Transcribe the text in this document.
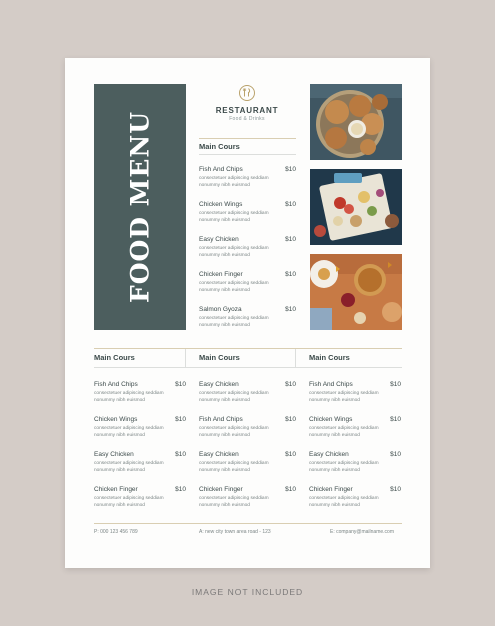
FOOD MENU
RESTAURANT
Food & Drinks
Main Cours
Fish And Chips	$10
consectetuer adipiscing seddiam nonummy nibh euismod
Chicken Wings	$10
consectetuer adipiscing seddiam nonummy nibh euismod
Easy Chicken	$10
consectetuer adipiscing seddiam nonummy nibh euismod
Chicken Finger	$10
consectetuer adipiscing seddiam nonummy nibh euismod
Salmon Gyoza	$10
consectetuer adipiscing seddiam nonummy nibh euismod
Main Cours	Main Cours	Main Cours
Fish And Chips	$10
consectetuer adipiscing seddiam nonummy nibh euismod
Chicken Wings	$10
consectetuer adipiscing seddiam nonummy nibh euismod
Easy Chicken	$10
consectetuer adipiscing seddiam nonummy nibh euismod
Chicken Finger	$10
consectetuer adipiscing seddiam nonummy nibh euismod
Easy Chicken	$10
consectetuer adipiscing seddiam nonummy nibh euismod
Fish And Chips	$10
consectetuer adipiscing seddiam nonummy nibh euismod
Easy Chicken	$10
consectetuer adipiscing seddiam nonummy nibh euismod
Chicken Finger	$10
consectetuer adipiscing seddiam nonummy nibh euismod
Fish And Chips	$10
consectetuer adipiscing seddiam nonummy nibh euismod
Chicken Wings	$10
consectetuer adipiscing seddiam nonummy nibh euismod
Easy Chicken	$10
consectetuer adipiscing seddiam nonummy nibh euismod
Chicken Finger	$10
consectetuer adipiscing seddiam nonummy nibh euismod
P: 000 123 456 789	A: new city town area road - 123	E: company@mailname.com
IMAGE NOT INCLUDED
